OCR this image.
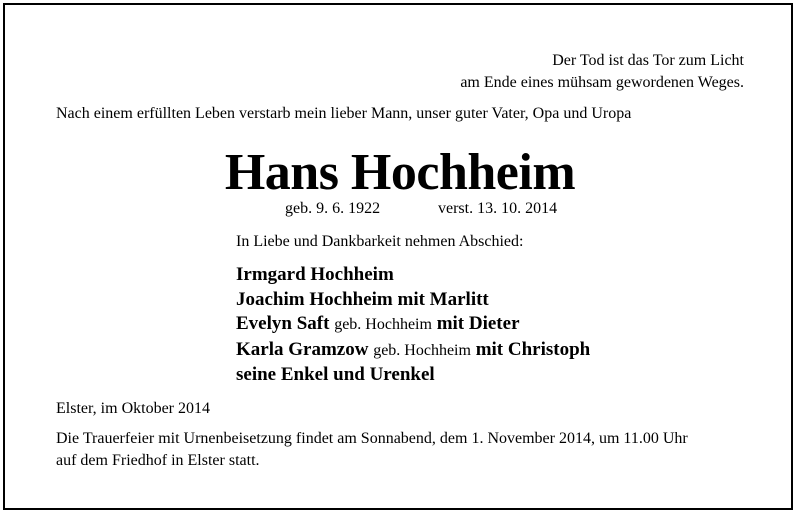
Der Tod ist das Tor zum Licht
am Ende eines mühsam gewordenen Weges.
Nach einem erfüllten Leben verstarb mein lieber Mann, unser guter Vater, Opa und Uropa
Hans Hochheim
geb. 9. 6. 1922	verst. 13. 10. 2014
In Liebe und Dankbarkeit nehmen Abschied:
Irmgard Hochheim
Joachim Hochheim mit Marlitt
Evelyn Saft geb. Hochheim mit Dieter
Karla Gramzow geb. Hochheim mit Christoph
seine Enkel und Urenkel
Elster, im Oktober 2014
Die Trauerfeier mit Urnenbeisetzung findet am Sonnabend, dem 1. November 2014, um 11.00 Uhr
auf dem Friedhof in Elster statt.
